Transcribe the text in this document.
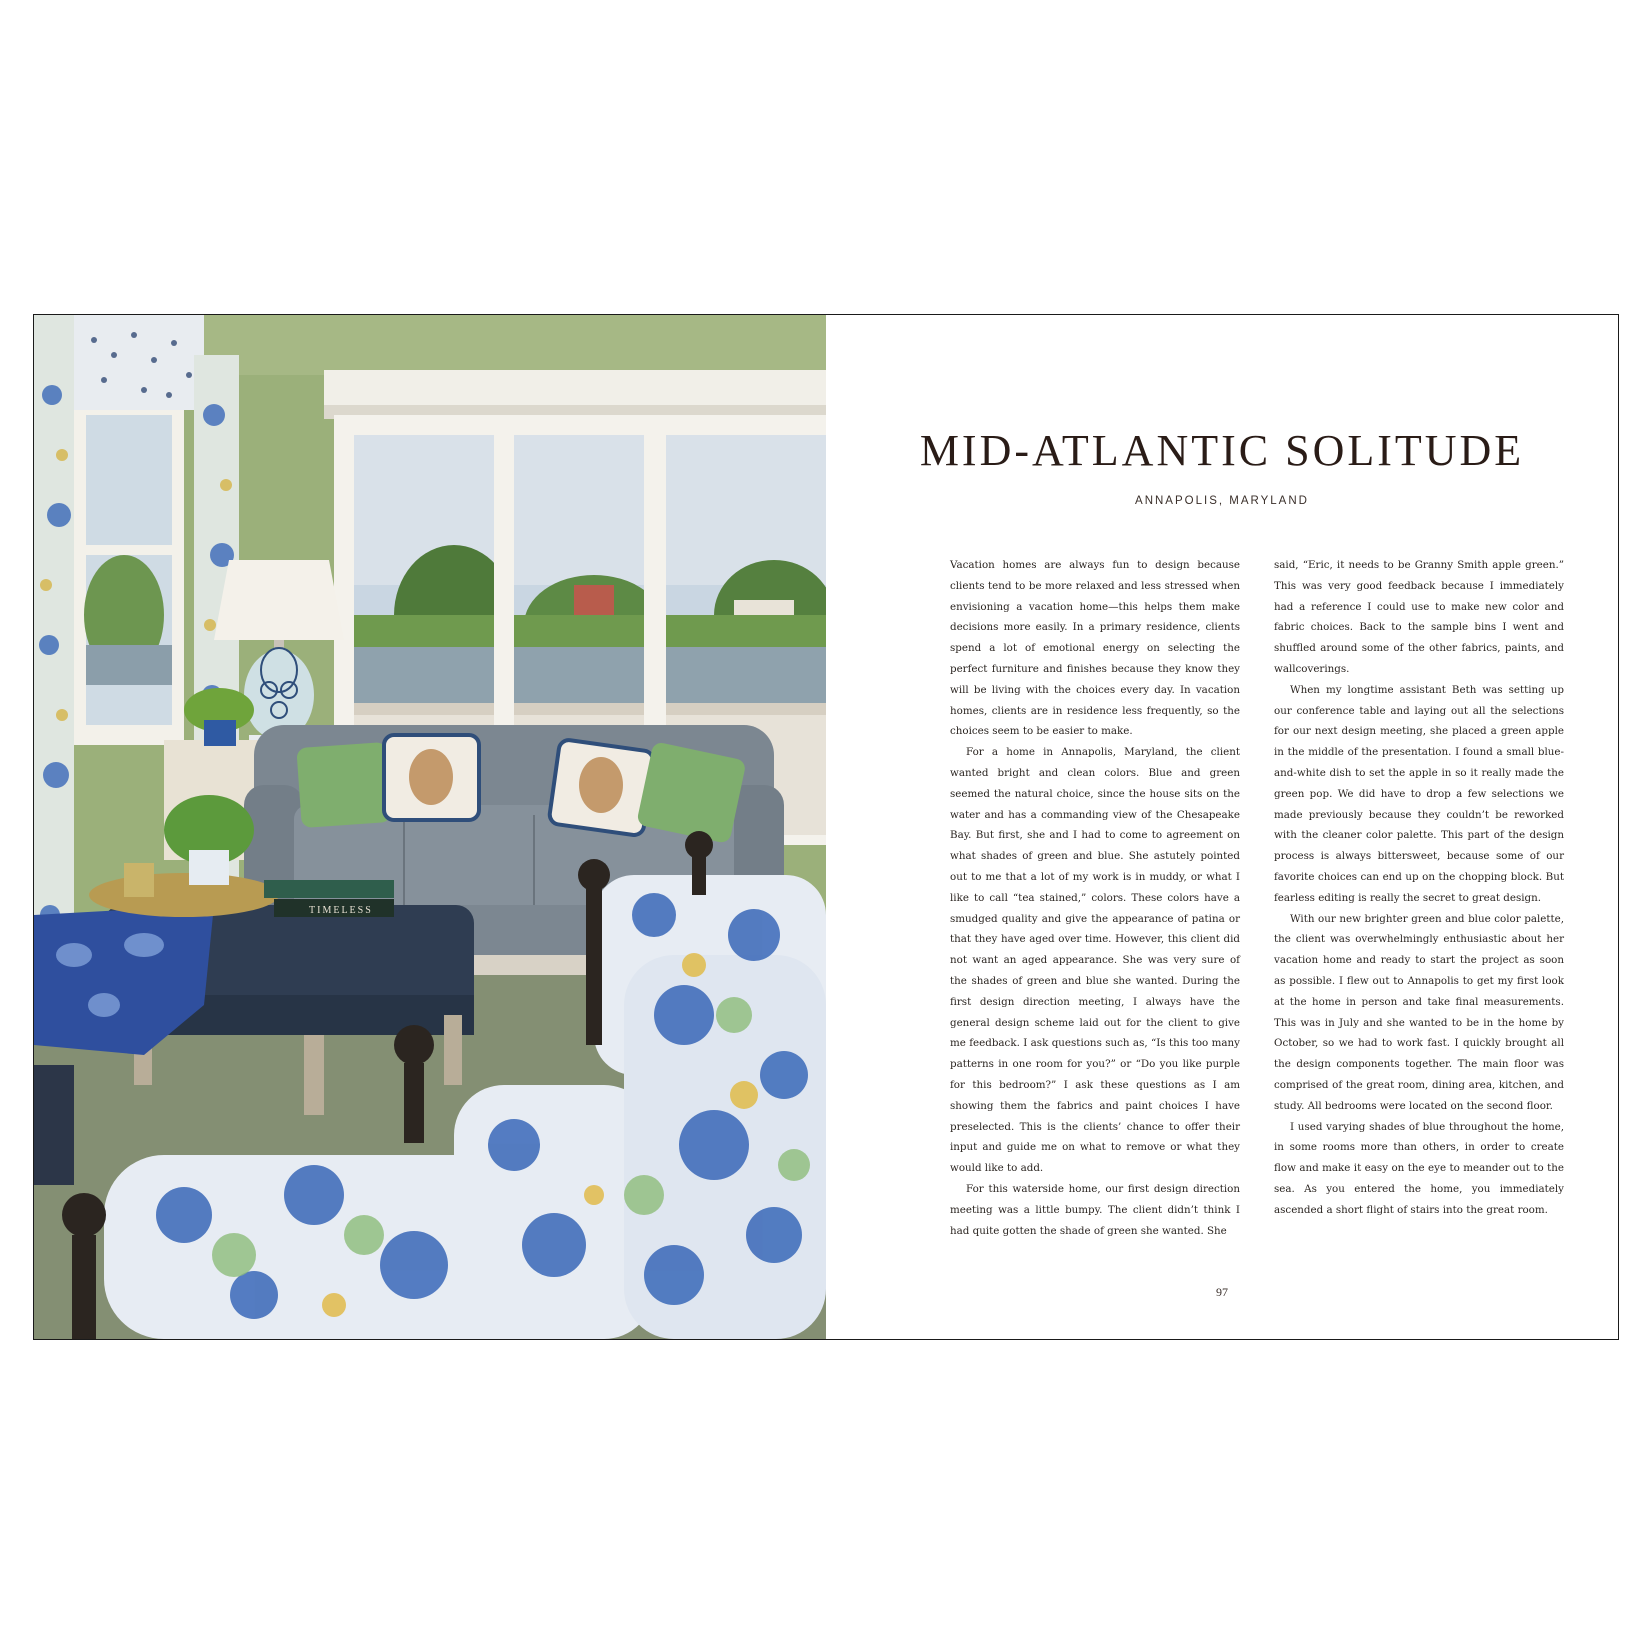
TIMELESS
MID-ATLANTIC SOLITUDE
ANNAPOLIS, MARYLAND

Vacation homes are always fun to design because clients tend to be more relaxed and less stressed when envisioning a vacation home—this helps them make decisions more easily. In a primary residence, clients spend a lot of emotional energy on selecting the perfect furniture and finishes because they know they will be living with the choices every day. In vacation homes, clients are in residence less frequently, so the choices seem to be easier to make.

For a home in Annapolis, Maryland, the client wanted bright and clean colors. Blue and green seemed the natural choice, since the house sits on the water and has a commanding view of the Chesapeake Bay. But first, she and I had to come to agreement on what shades of green and blue. She astutely pointed out to me that a lot of my work is in muddy, or what I like to call “tea stained,” colors. These colors have a smudged quality and give the appearance of patina or that they have aged over time. However, this client did not want an aged appearance. She was very sure of the shades of green and blue she wanted. During the first design direction meeting, I always have the general design scheme laid out for the client to give me feedback. I ask questions such as, “Is this too many patterns in one room for you?” or “Do you like purple for this bedroom?” I ask these questions as I am showing them the fabrics and paint choices I have preselected. This is the clients’ chance to offer their input and guide me on what to remove or what they would like to add.

For this waterside home, our first design direction meeting was a little bumpy. The client didn’t think I had quite gotten the shade of green she wanted. She

said, “Eric, it needs to be Granny Smith apple green.” This was very good feedback because I immediately had a reference I could use to make new color and fabric choices. Back to the sample bins I went and shuffled around some of the other fabrics, paints, and wallcoverings.

When my longtime assistant Beth was setting up our conference table and laying out all the selections for our next design meeting, she placed a green apple in the middle of the presentation. I found a small blue-and-white dish to set the apple in so it really made the green pop. We did have to drop a few selections we made previously because they couldn’t be reworked with the cleaner color palette. This part of the design process is always bittersweet, because some of our favorite choices can end up on the chopping block. But fearless editing is really the secret to great design.

With our new brighter green and blue color palette, the client was overwhelmingly enthusiastic about her vacation home and ready to start the project as soon as possible. I flew out to Annapolis to get my first look at the home in person and take final measurements. This was in July and she wanted to be in the home by October, so we had to work fast. I quickly brought all the design components together. The main floor was comprised of the great room, dining area, kitchen, and study. All bedrooms were located on the second floor.

I used varying shades of blue throughout the home, in some rooms more than others, in order to create flow and make it easy on the eye to meander out to the sea. As you entered the home, you immediately ascended a short flight of stairs into the great room.

97
